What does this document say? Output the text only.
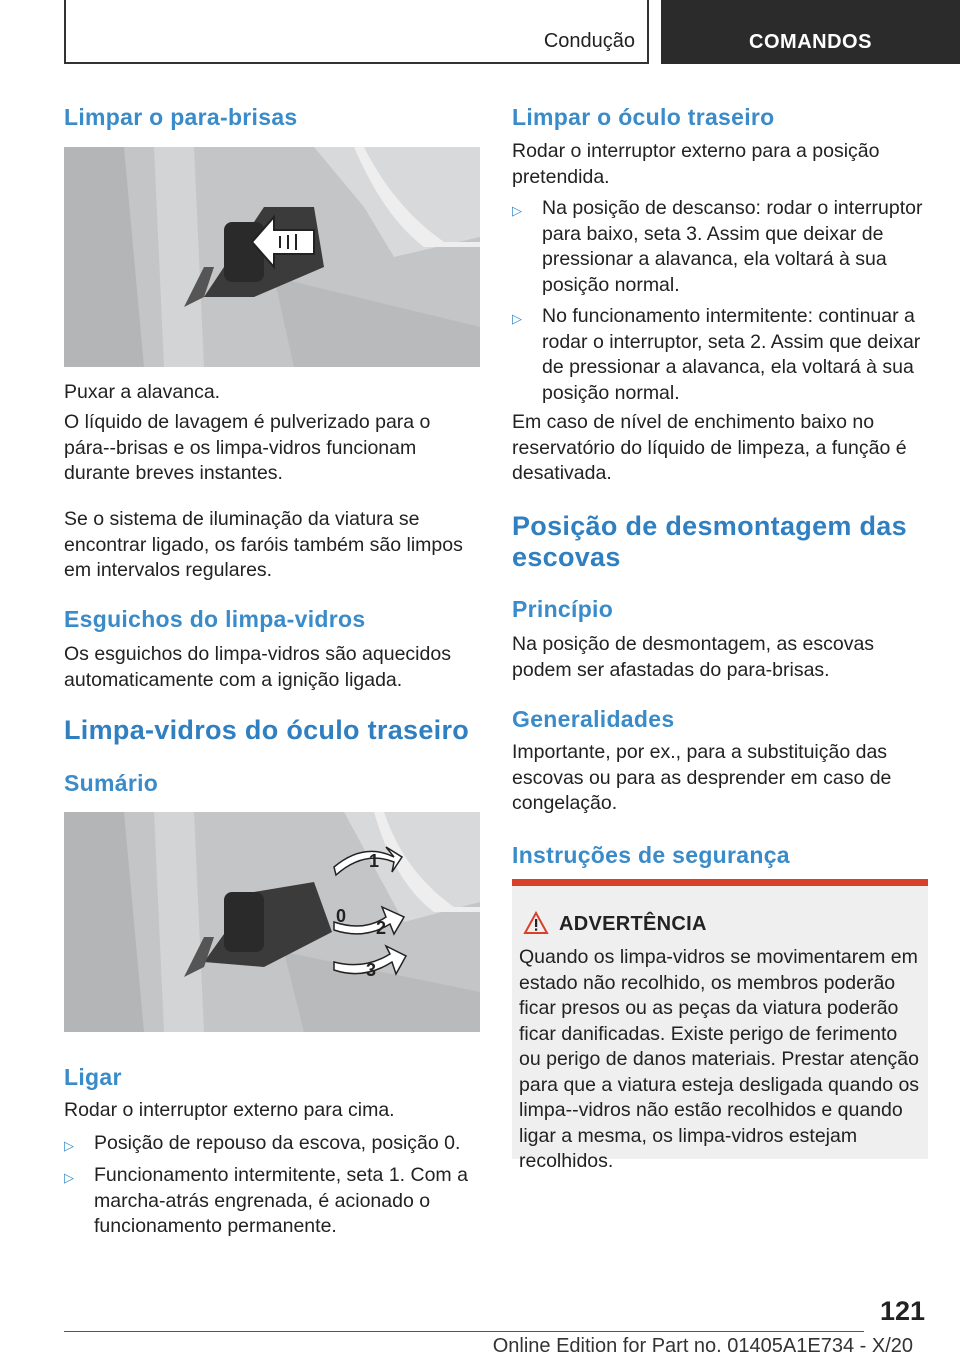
Condução	COMANDOS
Limpar o para-brisas

Puxar a alavanca.

O líquido de lavagem é pulverizado para o pára--brisas e os limpa-vidros funcionam durante breves instantes.

Se o sistema de iluminação da viatura se encontrar ligado, os faróis também são limpos em intervalos regulares.

Esguichos do limpa-vidros

Os esguichos do limpa-vidros são aquecidos automaticamente com a ignição ligada.

Limpa-vidros do óculo traseiro
Sumário
1
0
2
3
Ligar

Rodar o interruptor externo para cima.

▷ Posição de repouso da escova, posição 0.
▷ Funcionamento intermitente, seta 1. Com a marcha-atrás engrenada, é acionado o funcionamento permanente.
Limpar o óculo traseiro

Rodar o interruptor externo para a posição pretendida.

▷ Na posição de descanso: rodar o interruptor para baixo, seta 3. Assim que deixar de pressionar a alavanca, ela voltará à sua posição normal.
▷ No funcionamento intermitente: continuar a rodar o interruptor, seta 2. Assim que deixar de pressionar a alavanca, ela voltará à sua posição normal.

Em caso de nível de enchimento baixo no reservatório do líquido de limpeza, a função é desativada.

Posição de desmontagem das escovas
Princípio

Na posição de desmontagem, as escovas podem ser afastadas do para-brisas.

Generalidades

Importante, por ex., para a substituição das escovas ou para as desprender em caso de congelação.

Instruções de segurança
ADVERTÊNCIA
Quando os limpa-vidros se movimentarem em estado não recolhido, os membros poderão ficar presos ou as peças da viatura poderão ficar danificadas. Existe perigo de ferimento ou perigo de danos materiais. Prestar atenção para que a viatura esteja desligada quando os limpa--vidros não estão recolhidos e quando ligar a mesma, os limpa-vidros estejam recolhidos.
121
Online Edition for Part no. 01405A1E734 - X/20
